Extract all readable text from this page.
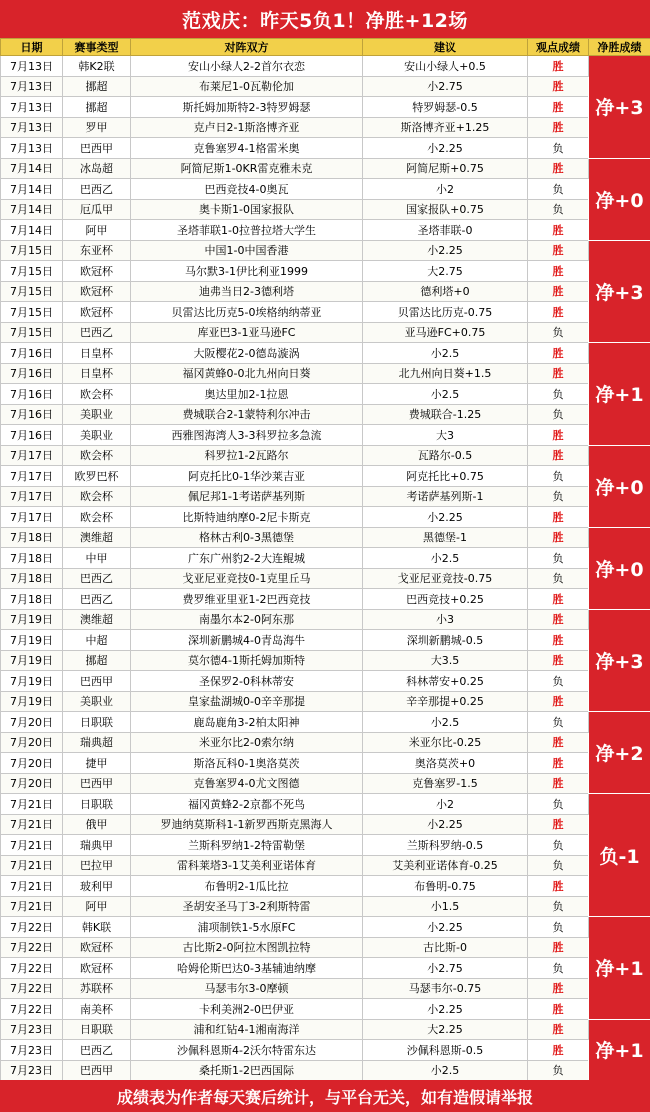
范戏庆：昨天5负1！净胜+12场
日期	赛事类型	对阵双方	建议	观点成绩	净胜成绩
7月13日	韩K2联	安山小绿人2-2首尔衣恋	安山小绿人+0.5	胜	净+3
7月13日	挪超	布莱尼1-0瓦勒伦加	小2.75	胜	
7月13日	挪超	斯托姆加斯特2-3特罗姆瑟	特罗姆瑟-0.5	胜	
7月13日	罗甲	克卢日2-1斯洛博齐亚	斯洛博齐亚+1.25	胜	
7月13日	巴西甲	克鲁塞罗4-1格雷米奥	小2.25	负	
7月14日	冰岛超	阿简尼斯1-0KR雷克雅未克	阿简尼斯+0.75	胜	净+0
7月14日	巴西乙	巴西竞技4-0奥瓦	小2	负	
7月14日	厄瓜甲	奥卡斯1-0国家报队	国家报队+0.75	负	
7月14日	阿甲	圣塔菲联1-0拉普拉塔大学生	圣塔菲联-0	胜	
7月15日	东亚杯	中国1-0中国香港	小2.25	胜	净+3
7月15日	欧冠杯	马尔默3-1伊比利亚1999	大2.75	胜	
7月15日	欧冠杯	迪弗当日2-3德利塔	德利塔+0	胜	
7月15日	欧冠杯	贝雷达比历克5-0埃格纳纳蒂亚	贝雷达比历克-0.75	胜	
7月15日	巴西乙	库亚巴3-1亚马逊FC	亚马逊FC+0.75	负	
7月16日	日皇杯	大阪樱花2-0德岛漩涡	小2.5	胜	净+1
7月16日	日皇杯	福冈黄蜂0-0北九州向日葵	北九州向日葵+1.5	胜	
7月16日	欧会杯	奥达里加2-1拉恩	小2.5	负	
7月16日	美职业	费城联合2-1蒙特利尔冲击	费城联合-1.25	负	
7月16日	美职业	西雅图海湾人3-3科罗拉多急流	大3	胜	
7月17日	欧会杯	科罗拉1-2瓦路尔	瓦路尔-0.5	胜	净+0
7月17日	欧罗巴杯	阿克托比0-1华沙莱吉亚	阿克托比+0.75	负	
7月17日	欧会杯	佩尼邦1-1考诺萨基列斯	考诺萨基列斯-1	负	
7月17日	欧会杯	比斯特迪纳摩0-2尼卡斯克	小2.25	胜	
7月18日	澳维超	格林古利0-3黑德堡	黑德堡-1	胜	净+0
7月18日	中甲	广东广州豹2-2大连鲲城	小2.5	负	
7月18日	巴西乙	戈亚尼亚竞技0-1克里丘马	戈亚尼亚竞技-0.75	负	
7月18日	巴西乙	费罗维亚里亚1-2巴西竞技	巴西竞技+0.25	胜	
7月19日	澳维超	南墨尔本2-0阿东那	小3	胜	净+3
7月19日	中超	深圳新鹏城4-0青岛海牛	深圳新鹏城-0.5	胜	
7月19日	挪超	莫尔德4-1斯托姆加斯特	大3.5	胜	
7月19日	巴西甲	圣保罗2-0科林蒂安	科林蒂安+0.25	负	
7月19日	美职业	皇家盐湖城0-0辛辛那提	辛辛那提+0.25	胜	
7月20日	日职联	鹿岛鹿角3-2柏太阳神	小2.5	负	净+2
7月20日	瑞典超	米亚尔比2-0索尔纳	米亚尔比-0.25	胜	
7月20日	捷甲	斯洛瓦科0-1奥洛莫茨	奥洛莫茨+0	胜	
7月20日	巴西甲	克鲁塞罗4-0尤文图德	克鲁塞罗-1.5	胜	
7月21日	日职联	福冈黄蜂2-2京都不死鸟	小2	负	负-1
7月21日	俄甲	罗迪纳莫斯科1-1新罗西斯克黑海人	小2.25	胜	
7月21日	瑞典甲	兰斯科罗纳1-2特雷勒堡	兰斯科罗纳-0.5	负	
7月21日	巴拉甲	雷科莱塔3-1艾美利亚诺体育	艾美利亚诺体育-0.25	负	
7月21日	玻利甲	布鲁明2-1瓜比拉	布鲁明-0.75	胜	
7月21日	阿甲	圣胡安圣马丁3-2利斯特雷	小1.5	负	
7月22日	韩K联	浦项制铁1-5水原FC	小2.25	负	净+1
7月22日	欧冠杯	古比斯2-0阿拉木图凯拉特	古比斯-0	胜	
7月22日	欧冠杯	哈姆伦斯巴达0-3基辅迪纳摩	小2.75	负	
7月22日	苏联杯	马瑟韦尔3-0摩顿	马瑟韦尔-0.75	胜	
7月22日	南美杯	卡利美洲2-0巴伊亚	小2.25	胜	
7月23日	日职联	浦和红钻4-1湘南海洋	大2.25	胜	净+1
7月23日	巴西乙	沙佩科恩斯4-2沃尔特雷东达	沙佩科恩斯-0.5	胜	
7月23日	巴西甲	桑托斯1-2巴西国际	小2.5	负	
成绩表为作者每天赛后统计，与平台无关，如有造假请举报
